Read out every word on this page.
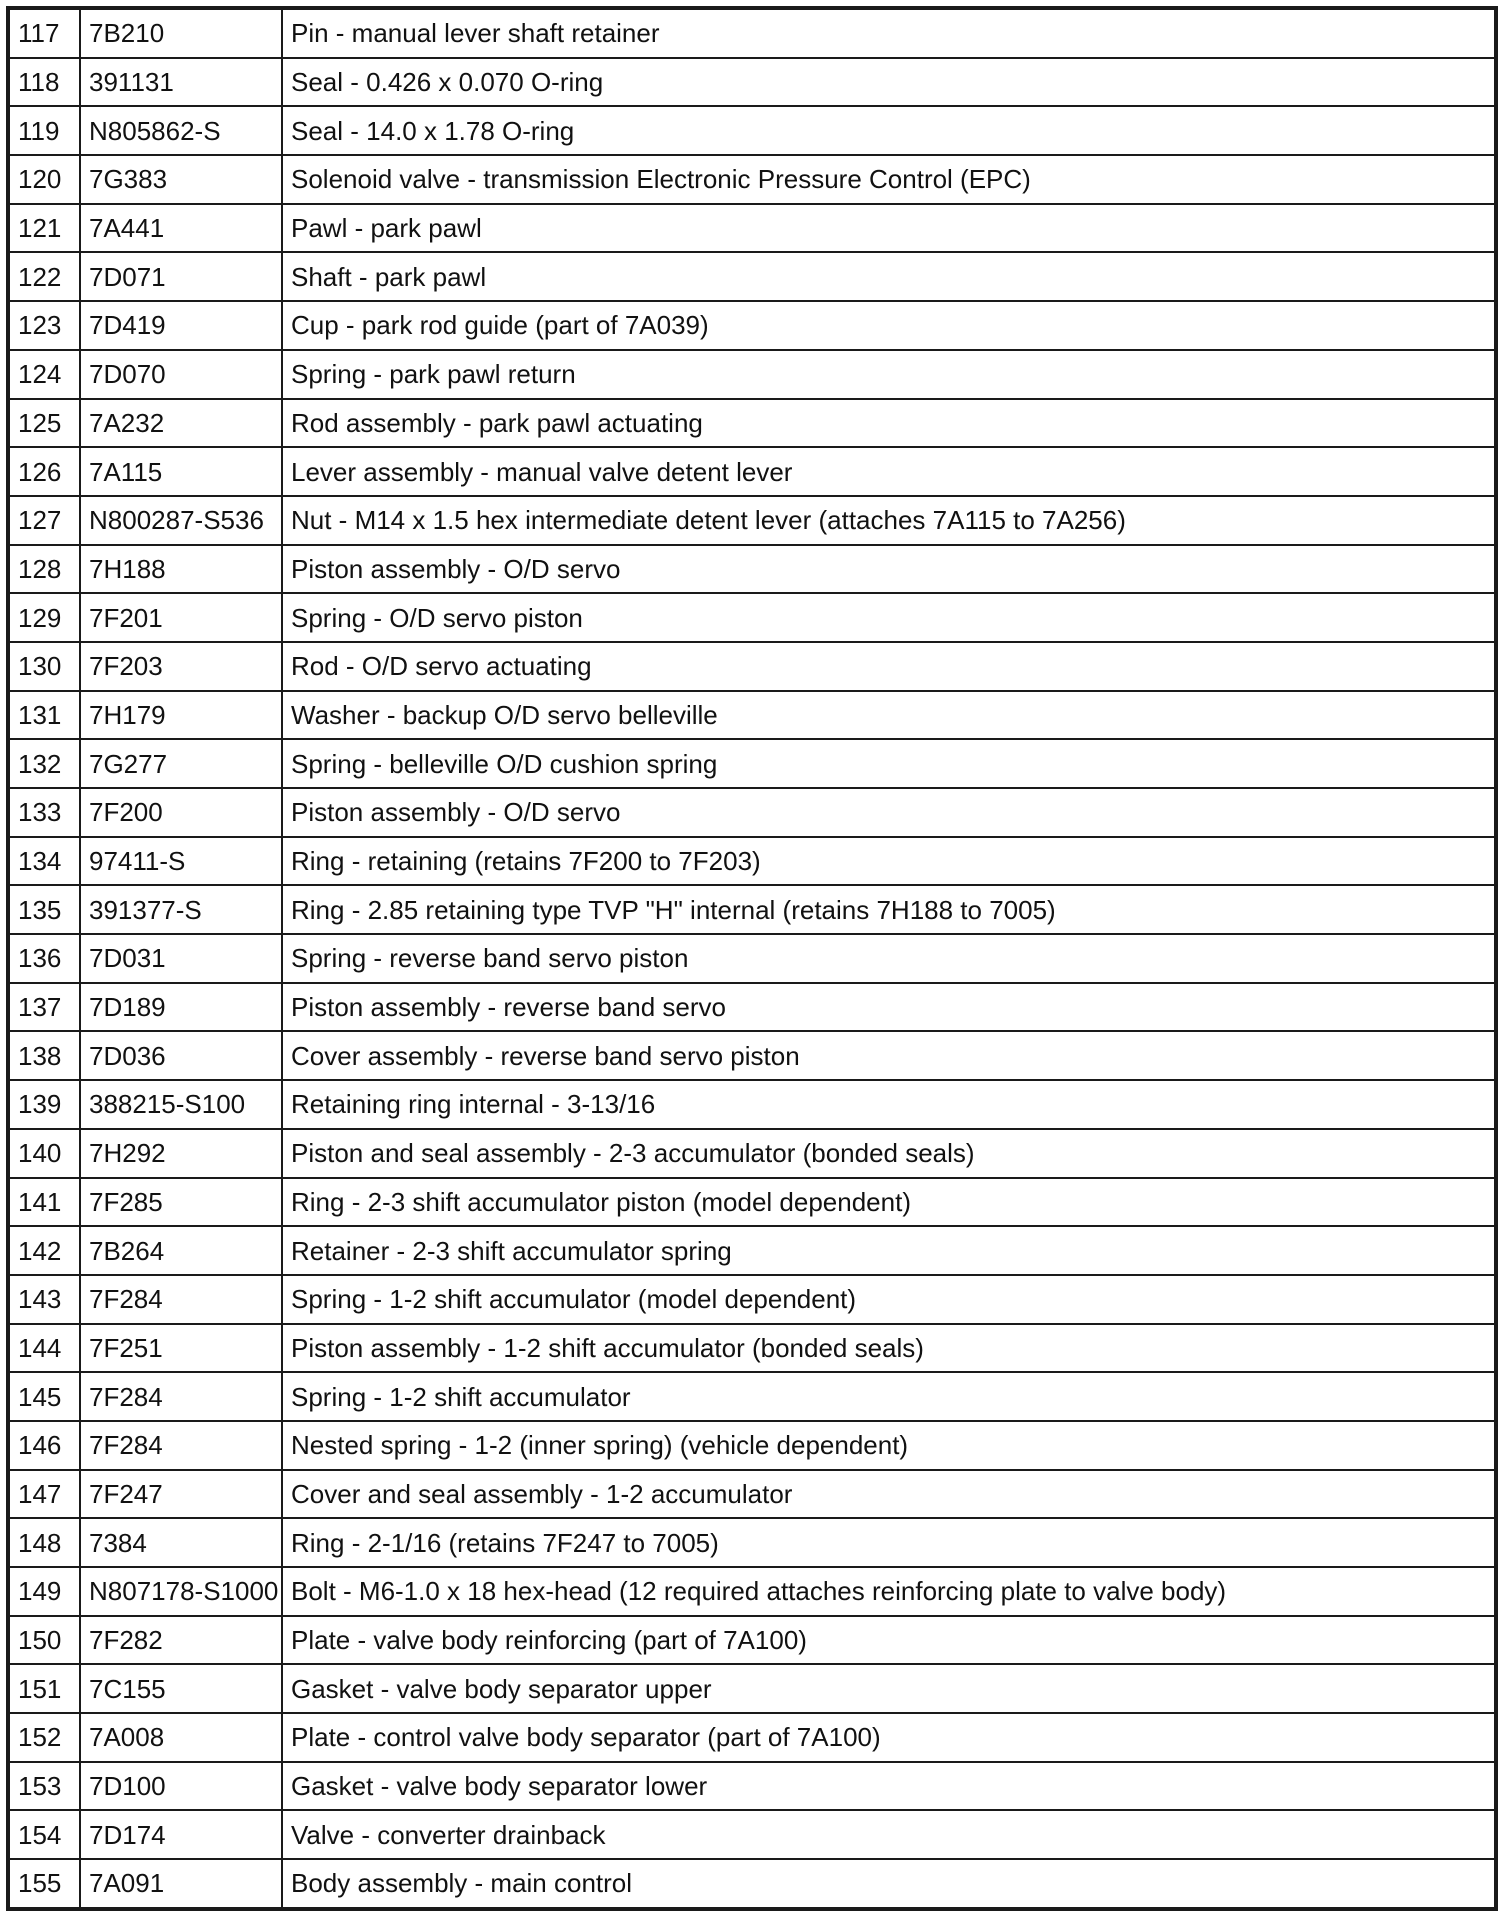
117	7B210	Pin - manual lever shaft retainer
118	391131	Seal - 0.426 x 0.070 O-ring
119	N805862-S	Seal - 14.0 x 1.78 O-ring
120	7G383	Solenoid valve - transmission Electronic Pressure Control (EPC)
121	7A441	Pawl - park pawl
122	7D071	Shaft - park pawl
123	7D419	Cup - park rod guide (part of 7A039)
124	7D070	Spring - park pawl return
125	7A232	Rod assembly - park pawl actuating
126	7A115	Lever assembly - manual valve detent lever
127	N800287-S536	Nut - M14 x 1.5 hex intermediate detent lever (attaches 7A115 to 7A256)
128	7H188	Piston assembly - O/D servo
129	7F201	Spring - O/D servo piston
130	7F203	Rod - O/D servo actuating
131	7H179	Washer - backup O/D servo belleville
132	7G277	Spring - belleville O/D cushion spring
133	7F200	Piston assembly - O/D servo
134	97411-S	Ring - retaining (retains 7F200 to 7F203)
135	391377-S	Ring - 2.85 retaining type TVP "H" internal (retains 7H188 to 7005)
136	7D031	Spring - reverse band servo piston
137	7D189	Piston assembly - reverse band servo
138	7D036	Cover assembly - reverse band servo piston
139	388215-S100	Retaining ring internal - 3-13/16
140	7H292	Piston and seal assembly - 2-3 accumulator (bonded seals)
141	7F285	Ring - 2-3 shift accumulator piston (model dependent)
142	7B264	Retainer - 2-3 shift accumulator spring
143	7F284	Spring - 1-2 shift accumulator (model dependent)
144	7F251	Piston assembly - 1-2 shift accumulator (bonded seals)
145	7F284	Spring - 1-2 shift accumulator
146	7F284	Nested spring - 1-2 (inner spring) (vehicle dependent)
147	7F247	Cover and seal assembly - 1-2 accumulator
148	7384	Ring - 2-1/16 (retains 7F247 to 7005)
149	N807178-S1000	Bolt - M6-1.0 x 18 hex-head (12 required attaches reinforcing plate to valve body)
150	7F282	Plate - valve body reinforcing (part of 7A100)
151	7C155	Gasket - valve body separator upper
152	7A008	Plate - control valve body separator (part of 7A100)
153	7D100	Gasket - valve body separator lower
154	7D174	Valve - converter drainback
155	7A091	Body assembly - main control
